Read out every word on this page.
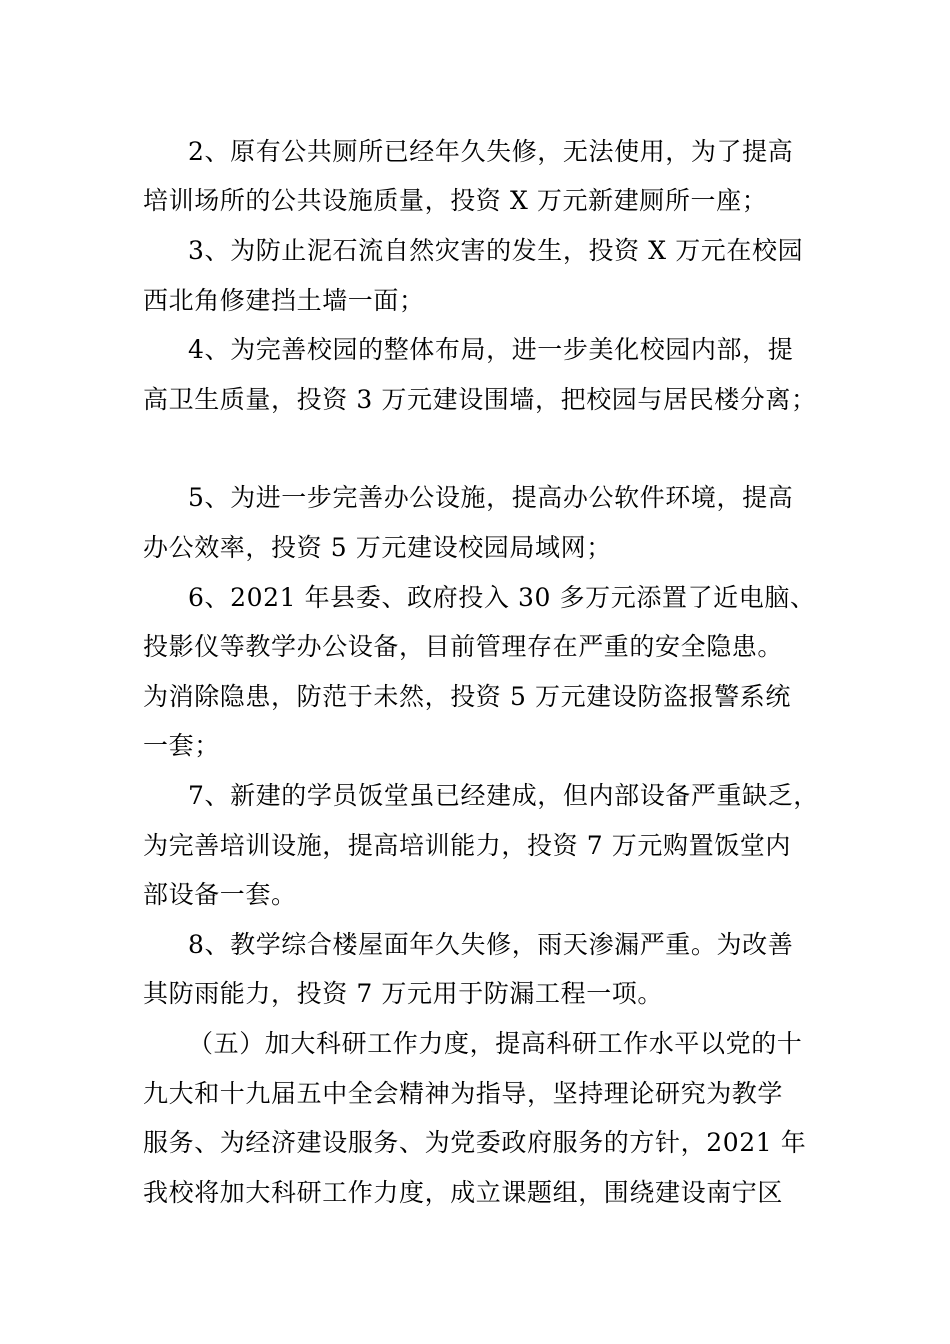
2、原有公共厕所已经年久失修，无法使用，为了提高
培训场所的公共设施质量，投资 X 万元新建厕所一座；
3、为防止泥石流自然灾害的发生，投资 X 万元在校园
西北角修建挡土墙一面；
4、为完善校园的整体布局，进一步美化校园内部，提
高卫生质量，投资 3 万元建设围墙，把校园与居民楼分离；
5、为进一步完善办公设施，提高办公软件环境，提高
办公效率，投资 5 万元建设校园局域网；
6、2021 年县委、政府投入 30 多万元添置了近电脑、
投影仪等教学办公设备，目前管理存在严重的安全隐患。
为消除隐患，防范于未然，投资 5 万元建设防盗报警系统
一套；
7、新建的学员饭堂虽已经建成，但内部设备严重缺乏，
为完善培训设施，提高培训能力，投资 7 万元购置饭堂内
部设备一套。
8、教学综合楼屋面年久失修，雨天渗漏严重。为改善
其防雨能力，投资 7 万元用于防漏工程一项。
（五）加大科研工作力度，提高科研工作水平以党的十
九大和十九届五中全会精神为指导，坚持理论研究为教学
服务、为经济建设服务、为党委政府服务的方针，2021 年
我校将加大科研工作力度，成立课题组，围绕建设南宁区
